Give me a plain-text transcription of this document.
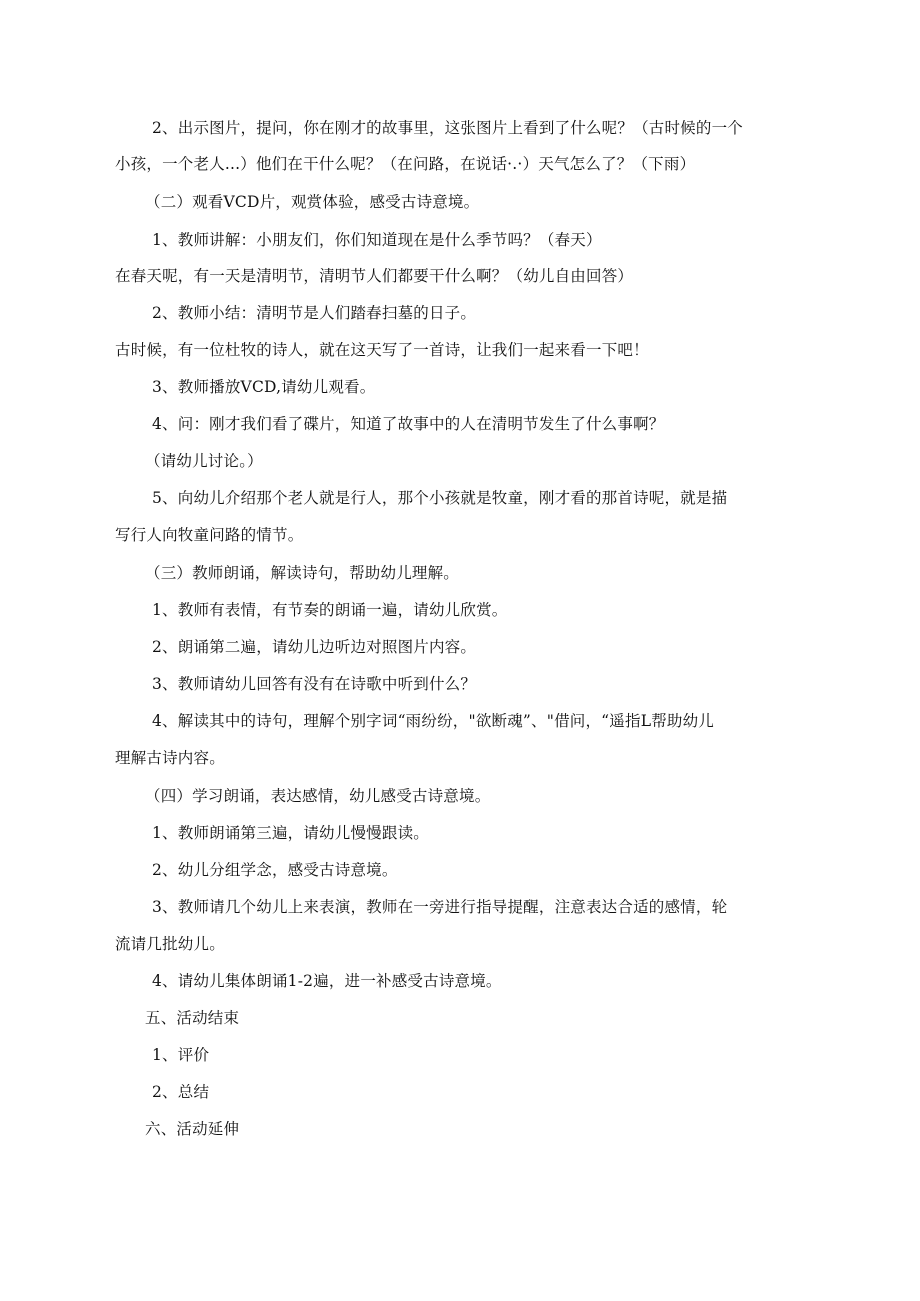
2、出示图片，提问，你在刚才的故事里，这张图片上看到了什么呢？（古时候的一个
小孩，一个老人...）他们在干什么呢？（在问路，在说话·.·）天气怎么了？（下雨）
（二）观看VCD片，观赏体验，感受古诗意境。
1、教师讲解：小朋友们，你们知道现在是什么季节吗？（春天）
在春天呢，有一天是清明节，清明节人们都要干什么啊？（幼儿自由回答）
2、教师小结：清明节是人们踏春扫墓的日子。
古时候，有一位杜牧的诗人，就在这天写了一首诗，让我们一起来看一下吧！
3、教师播放VCD,请幼儿观看。
4、问：刚才我们看了碟片，知道了故事中的人在清明节发生了什么事啊？
（请幼儿讨论。）
5、向幼儿介绍那个老人就是行人，那个小孩就是牧童，刚才看的那首诗呢，就是描
写行人向牧童问路的情节。
（三）教师朗诵，解读诗句，帮助幼儿理解。
1、教师有表情，有节奏的朗诵一遍，请幼儿欣赏。
2、朗诵第二遍，请幼儿边听边对照图片内容。
3、教师请幼儿回答有没有在诗歌中听到什么？
4、解读其中的诗句，理解个别字词“雨纷纷，"欲断魂”、"借问，“遥指L帮助幼儿
理解古诗内容。
（四）学习朗诵，表达感情，幼儿感受古诗意境。
1、教师朗诵第三遍，请幼儿慢慢跟读。
2、幼儿分组学念，感受古诗意境。
3、教师请几个幼儿上来表演，教师在一旁进行指导提醒，注意表达合适的感情，轮
流请几批幼儿。
4、请幼儿集体朗诵1-2遍，进一补感受古诗意境。
五、活动结束
1、评价
2、总结
六、活动延伸
